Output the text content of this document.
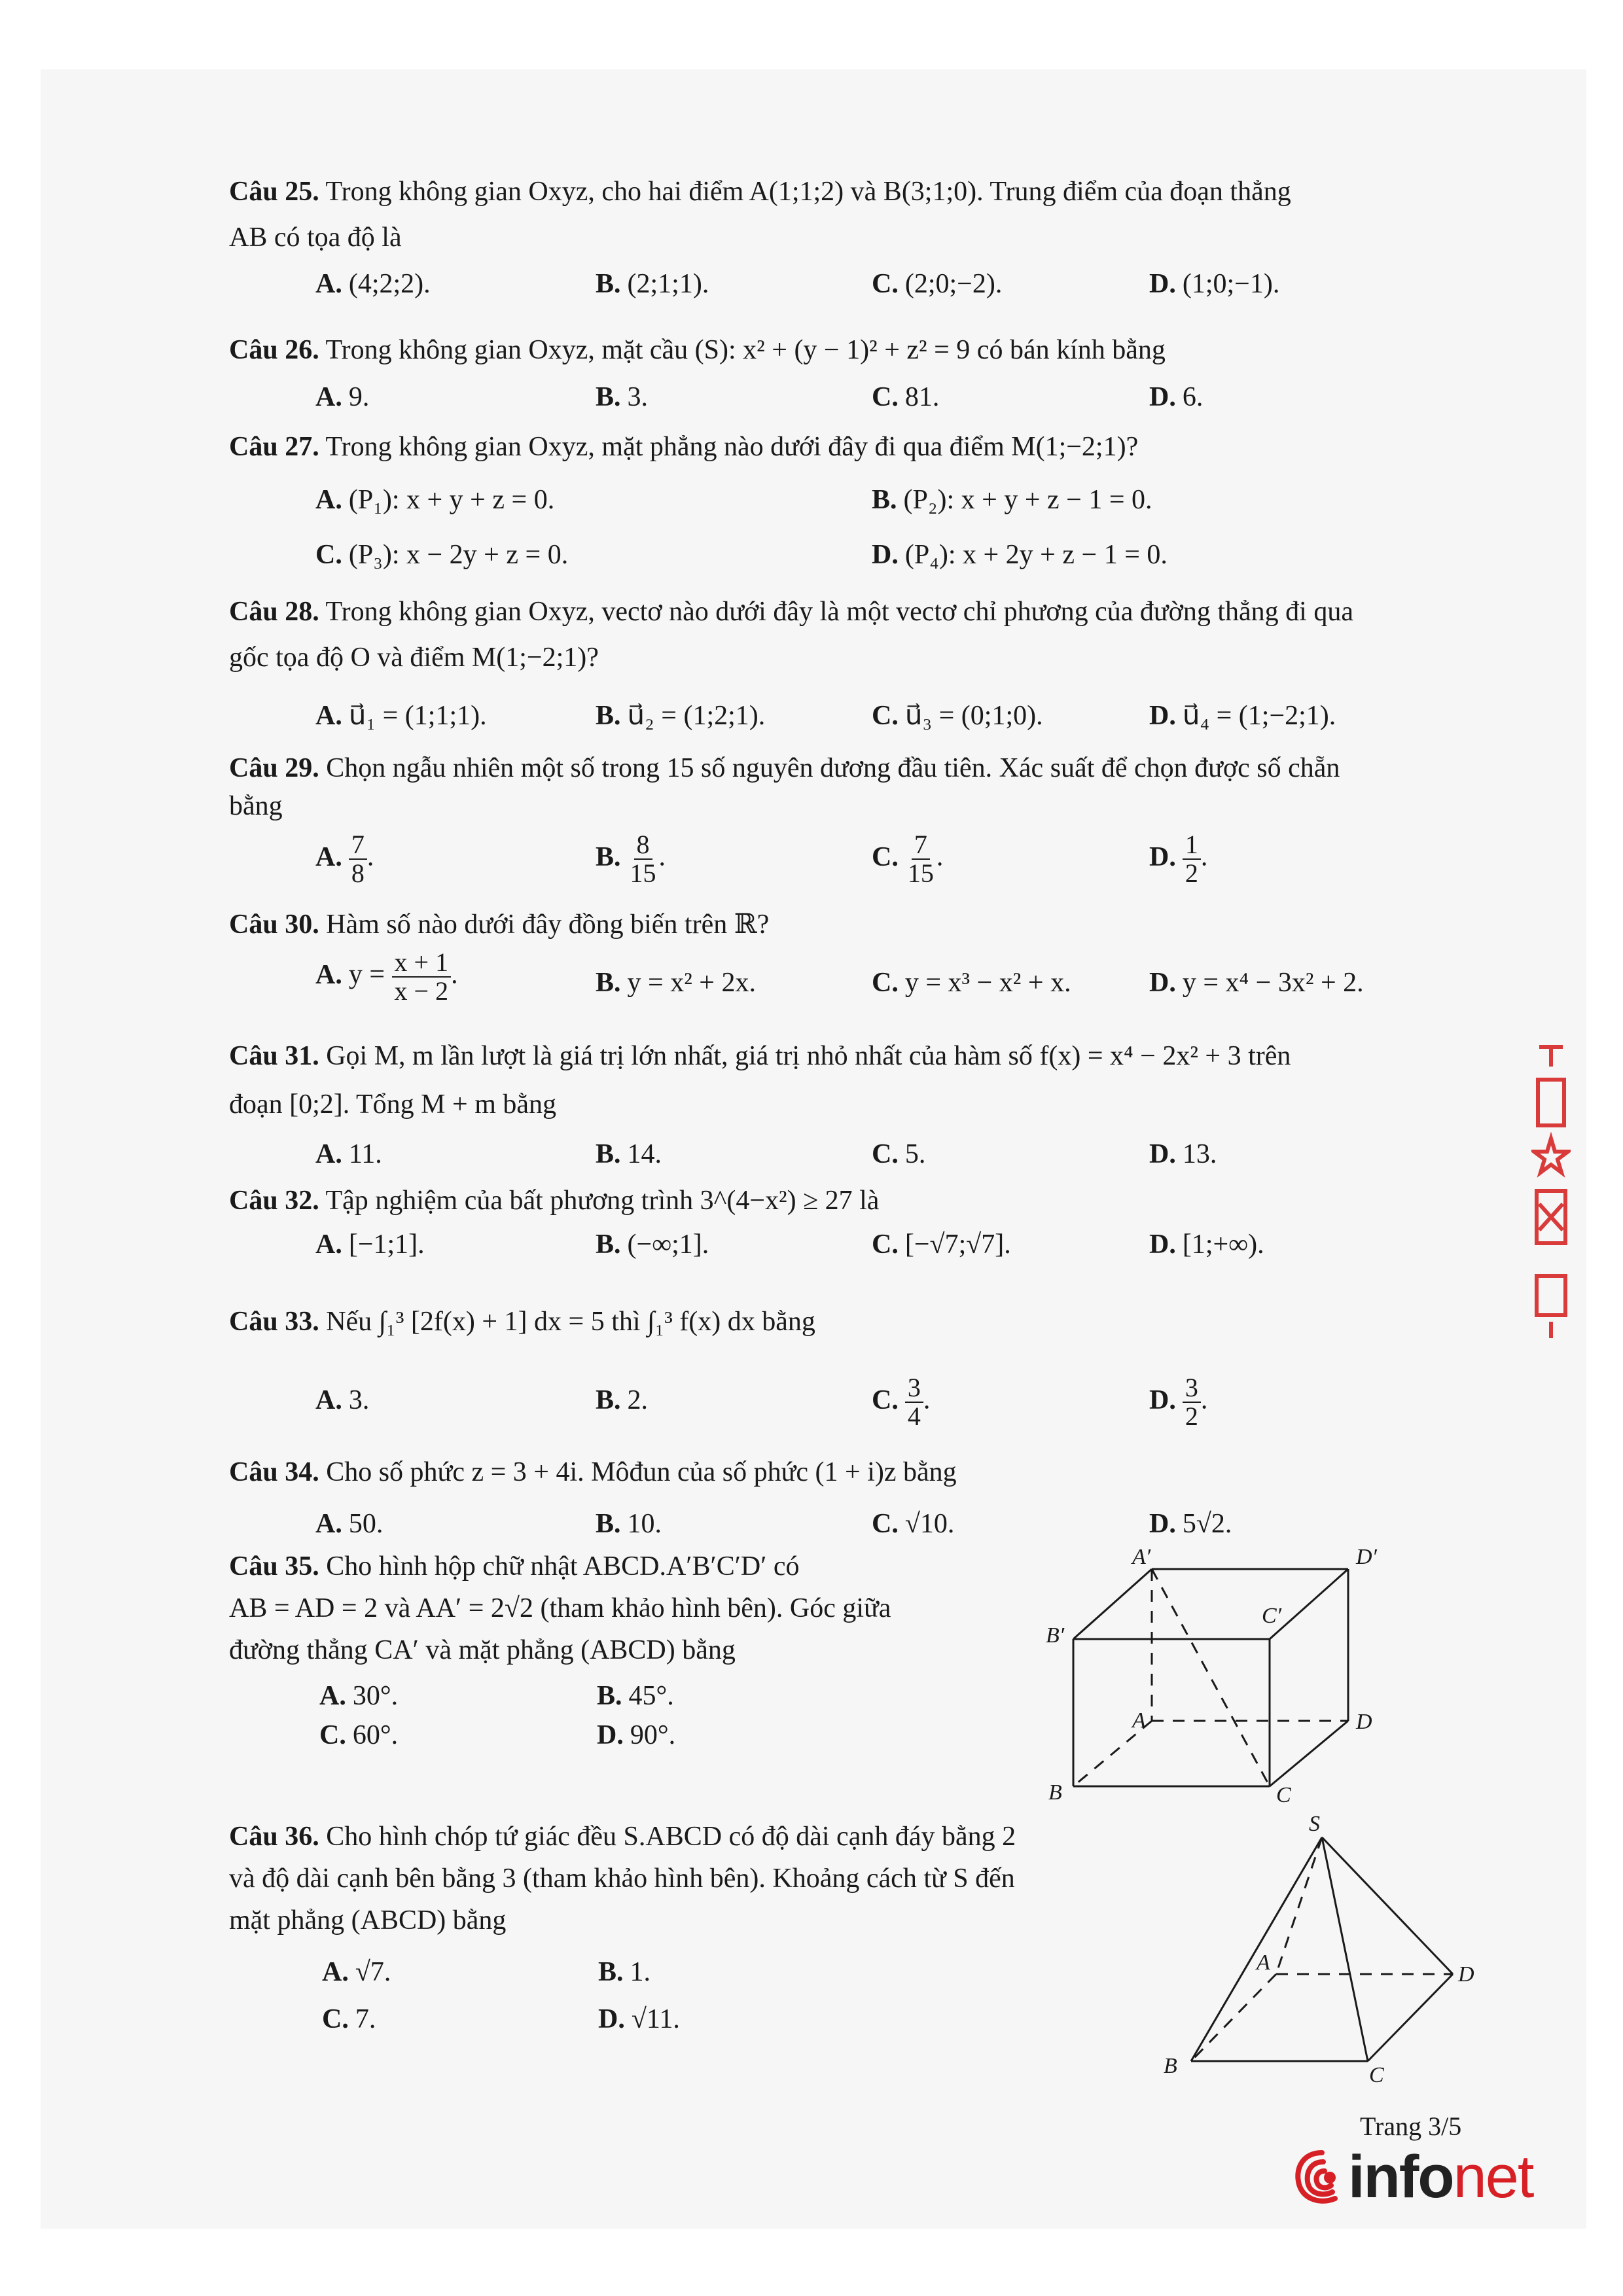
Câu 25. Trong không gian Oxyz, cho hai điểm A(1;1;2) và B(3;1;0). Trung điểm của đoạn thẳng
AB có tọa độ là
A. (4;2;2).	B. (2;1;1).	C. (2;0;−2).	D. (1;0;−1).
Câu 26. Trong không gian Oxyz, mặt cầu (S): x² + (y − 1)² + z² = 9 có bán kính bằng
A. 9.	B. 3.	C. 81.	D. 6.
Câu 27. Trong không gian Oxyz, mặt phẳng nào dưới đây đi qua điểm M(1;−2;1)?
A. (P₁): x + y + z = 0.	B. (P₂): x + y + z − 1 = 0.
C. (P₃): x − 2y + z = 0.	D. (P₄): x + 2y + z − 1 = 0.
Câu 28. Trong không gian Oxyz, vectơ nào dưới đây là một vectơ chỉ phương của đường thẳng đi qua
gốc tọa độ O và điểm M(1;−2;1)?
A. u⃗₁ = (1;1;1).	B. u⃗₂ = (1;2;1).	C. u⃗₃ = (0;1;0).	D. u⃗₄ = (1;−2;1).
Câu 29. Chọn ngẫu nhiên một số trong 15 số nguyên dương đầu tiên. Xác suất để chọn được số chẵn
bằng
A. $\frac{7}{8}$ .	B. $\frac{8}{15}$ .	C. $\frac{7}{15}$ .	D. $\frac{1}{2}$ .
Câu 30. Hàm số nào dưới đây đồng biến trên ℝ?
A. $y = \frac{x + 1}{x - 2}$ .	B. y = x² + 2x.	C. y = x³ − x² + x.	D. y = x⁴ − 3x² + 2.
Câu 31. Gọi M, m lần lượt là giá trị lớn nhất, giá trị nhỏ nhất của hàm số f(x) = x⁴ − 2x² + 3 trên
đoạn [0;2]. Tổng M + m bằng
A. 11.	B. 14.	C. 5.	D. 13.
Câu 32. Tập nghiệm của bất phương trình 3^(4−x²) ≥ 27 là
A. [−1;1].	B. (−∞;1].	C. [−√7;√7].	D. [1;+∞).
Câu 33. Nếu ∫₁³ [2f(x) + 1] dx = 5 thì ∫₁³ f(x) dx bằng
A. 3.	B. 2.	C. $\frac{3}{4}$ .	D. $\frac{3}{2}$ .
Câu 34. Cho số phức z = 3 + 4i. Môđun của số phức (1 + i)z bằng
A. 50.	B. 10.	C. √10.	D. 5√2.
Câu 35. Cho hình hộp chữ nhật ABCD.A′B′C′D′ có
AB = AD = 2 và AA′ = 2√2 (tham khảo hình bên). Góc giữa
đường thẳng CA′ và mặt phẳng (ABCD) bằng
A. 30°.	B. 45°.
C. 60°.	D. 90°.
A′	D′
B′
C′
A	D
B	C
Câu 36. Cho hình chóp tứ giác đều S.ABCD có độ dài cạnh đáy bằng 2
và độ dài cạnh bên bằng 3 (tham khảo hình bên). Khoảng cách từ S đến
mặt phẳng (ABCD) bằng
A. √7.	B. 1.
C. 7.	D. √11.
S
A	D
B	C
Trang 3/5
infonet
